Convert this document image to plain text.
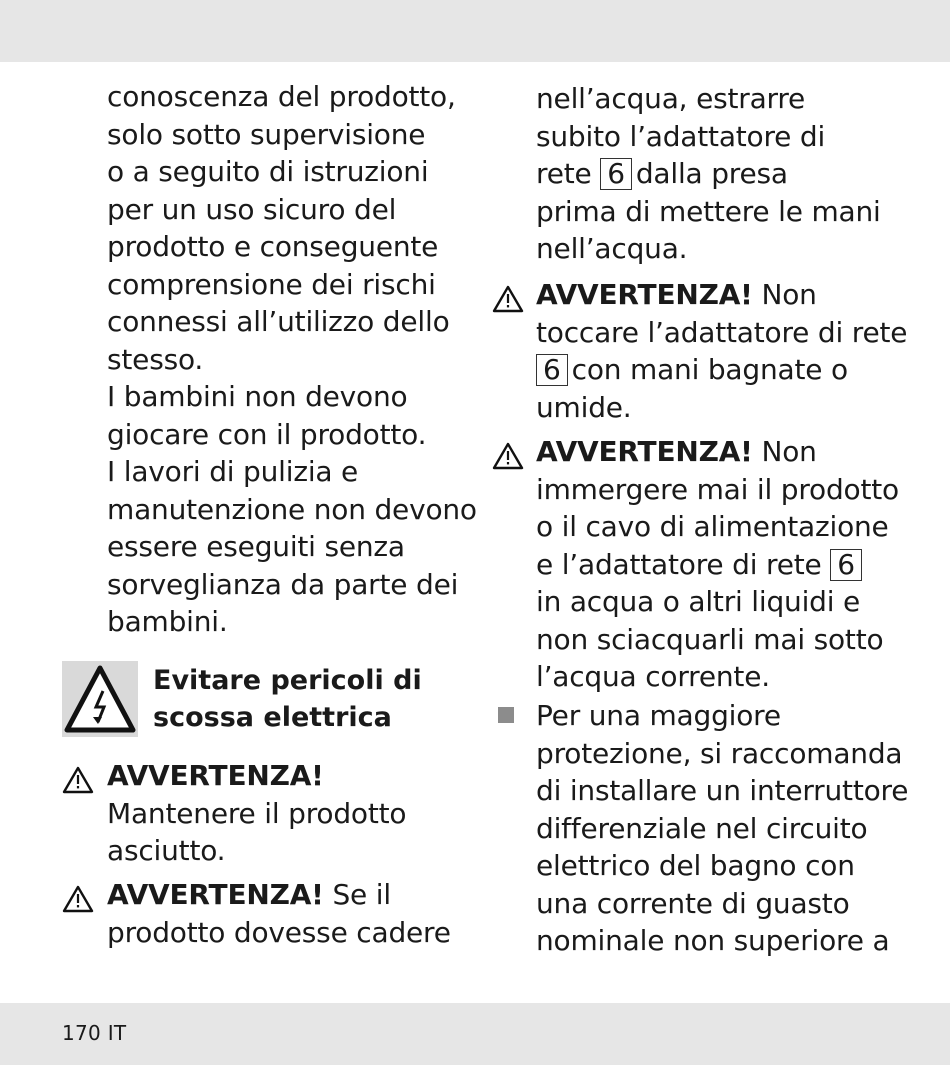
conoscenza del prodotto,
solo sotto supervisione
o a seguito di istruzioni
per un uso sicuro del
prodotto e conseguente
comprensione dei rischi
connessi all’utilizzo dello
stesso.

I bambini non devono
giocare con il prodotto.

I lavori di pulizia e
manutenzione non devono
essere eseguiti senza
sorveglianza da parte dei
bambini.

Evitare pericoli di
scossa elettrica
AVVERTENZA!
Mantenere il prodotto
asciutto.
AVVERTENZA! Se il
prodotto dovesse cadere
nell’acqua, estrarre
subito l’adattatore di
rete 6 dalla presa
prima di mettere le mani
nell’acqua.
AVVERTENZA! Non
toccare l’adattatore di rete
6 con mani bagnate o
umide.
AVVERTENZA! Non
immergere mai il prodotto
o il cavo di alimentazione
e l’adattatore di rete 6
in acqua o altri liquidi e
non sciacquarli mai sotto
l’acqua corrente.
Per una maggiore
protezione, si raccomanda
di installare un interruttore
differenziale nel circuito
elettrico del bagno con
una corrente di guasto
nominale non superiore a
170 IT
